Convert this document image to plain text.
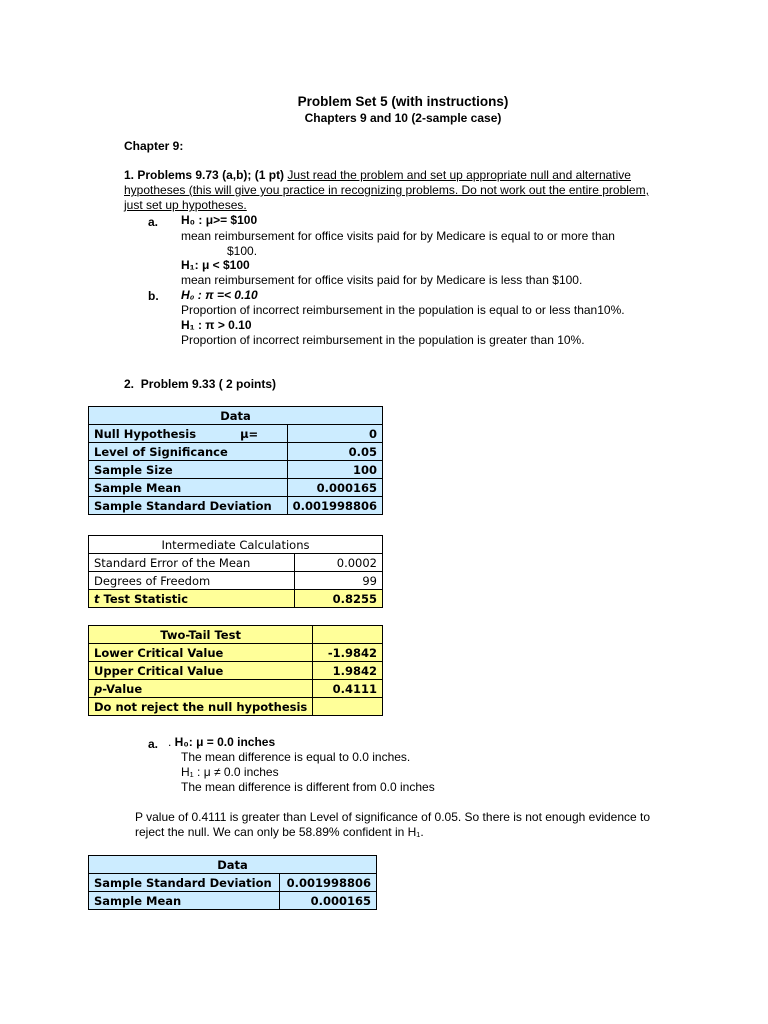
Problem Set 5 (with instructions)
Chapters 9 and 10 (2-sample case)
Chapter 9:
1. Problems 9.73 (a,b); (1 pt) Just read the problem and set up appropriate null and alternative
hypotheses (this will give you practice in recognizing problems. Do not work out the entire problem,
just set up hypotheses.
a. H₀ : μ>= $100
mean reimbursement for office visits paid for by Medicare is equal to or more than
$100.
H₁: μ < $100
mean reimbursement for office visits paid for by Medicare is less than $100.
b. H₀ : π =< 0.10
Proportion of incorrect reimbursement in the population is equal to or less than10%.
H₁ : π > 0.10
Proportion of incorrect reimbursement in the population is greater than 10%.
2. Problem 9.33 ( 2 points)
Data	
Null Hypothesis μ=	0
Level of Significance	0.05
Sample Size	100
Sample Mean	0.000165
Sample Standard Deviation	0.001998806
Intermediate Calculations	
Standard Error of the Mean	0.0002
Degrees of Freedom	99
t Test Statistic	0.8255
Two-Tail Test	
Lower Critical Value	-1.9842
Upper Critical Value	1.9842
p-Value	0.4111
Do not reject the null hypothesis	
a. . H₀: μ = 0.0 inches
The mean difference is equal to 0.0 inches.
H₁ : μ ≠ 0.0 inches
The mean difference is different from 0.0 inches
P value of 0.4111 is greater than Level of significance of 0.05. So there is not enough evidence to
reject the null. We can only be 58.89% confident in H₁.
Data	
Sample Standard Deviation	0.001998806
Sample Mean	0.000165
